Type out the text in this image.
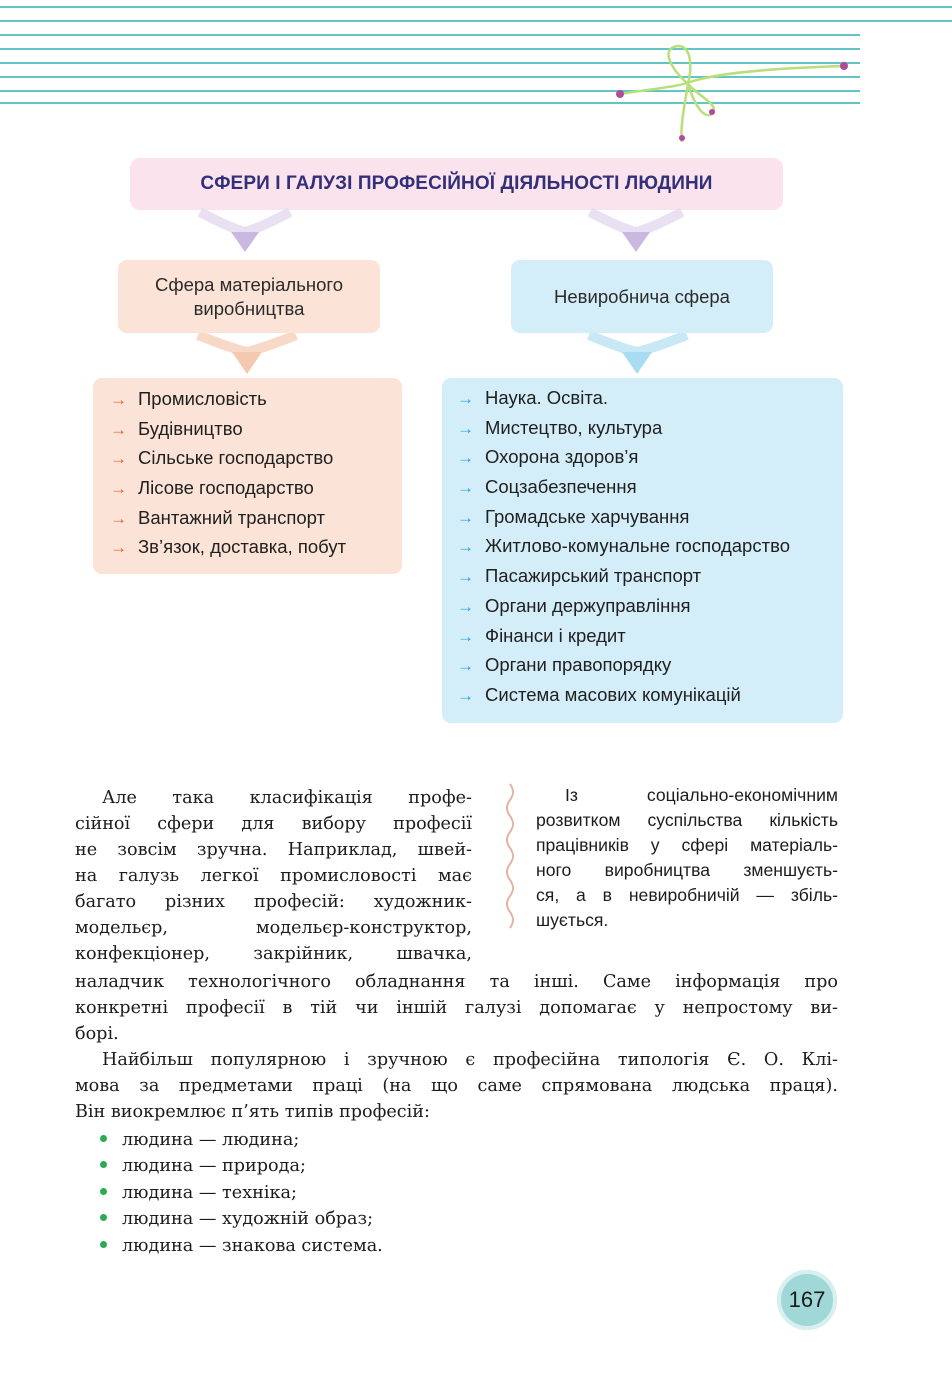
СФЕРИ І ГАЛУЗІ ПРОФЕСІЙНОЇ ДІЯЛЬНОСТІ ЛЮДИНИ
Сфера матеріального
виробництва
Невиробнича сфера
→ Промисловість
→ Будівництво
→ Сільське господарство
→ Лісове господарство
→ Вантажний транспорт
→ Зв’язок, доставка, побут
→ Наука. Освіта.
→ Мистецтво, культура
→ Охорона здоров’я
→ Соцзабезпечення
→ Громадське харчування
→ Житлово-комунальне господарство
→ Пасажирський транспорт
→ Органи держуправління
→ Фінанси і кредит
→ Органи правопорядку
→ Система масових комунікацій
Але така класифікація профе-
сійної сфери для вибору професії
не зовсім зручна. Наприклад, швей-
на галузь легкої промисловості має
багато різних професій: художник-
модельєр, модельєр-конструктор,
конфекціонер, закрійник, швачка,
наладчик технологічного обладнання та інші. Саме інформація про
конкретні професії в тій чи іншій галузі допомагає у непростому ви-
борі.
Із соціально-економічним
розвитком суспільства кількість
працівників у сфері матеріаль-
ного виробництва зменшуєть-
ся, а в невиробничій — збіль-
шується.
Найбільш популярною і зручною є професійна типологія Є. О. Клі-
мова за предметами праці (на що саме спрямована людська праця).
Він виокремлює п’ять типів професій:
людина — людина;
людина — природа;
людина — техніка;
людина — художній образ;
людина — знакова система.
167
